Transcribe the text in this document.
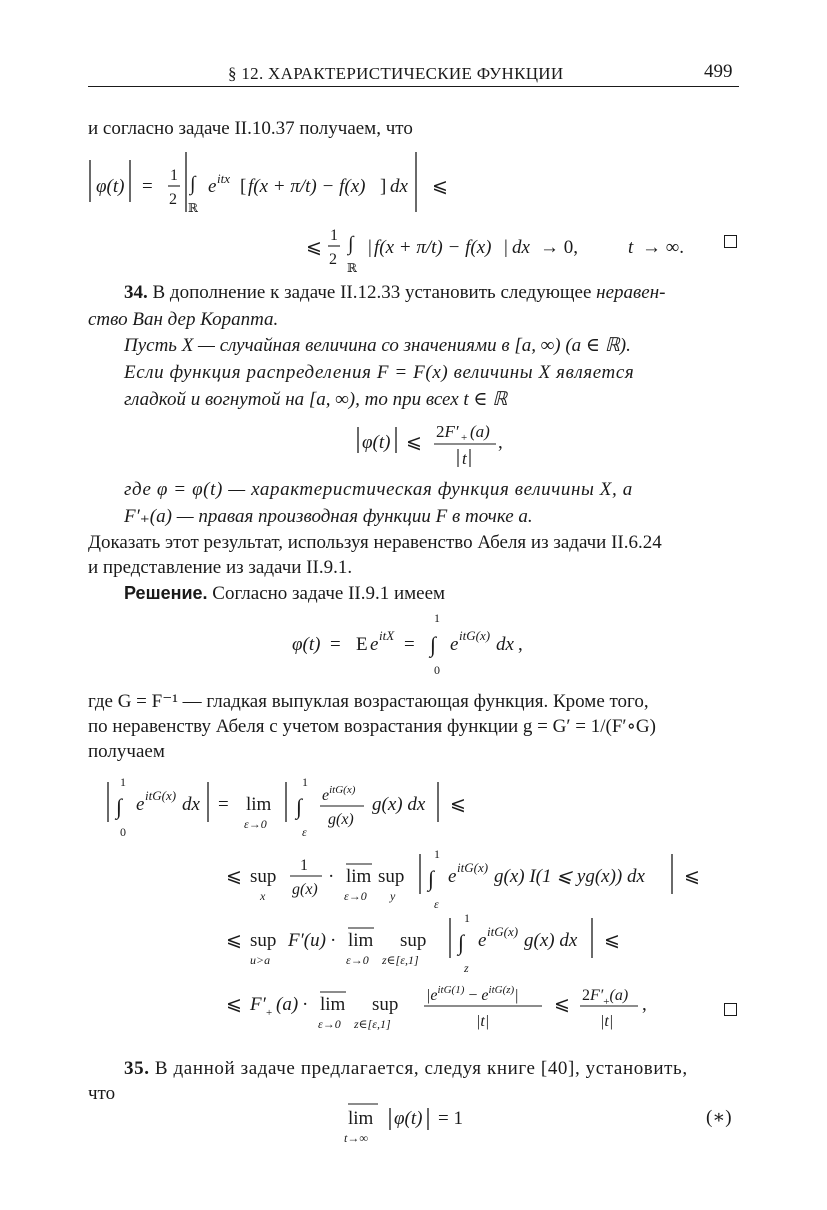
§ 12. ХАРАКТЕРИСТИЧЕСКИЕ ФУНКЦИИ	499
и согласно задаче II.10.37 получаем, что
φ(t) =
1
2
∫
ℝ
e itx [ f(x + π/t) − f(x) ] dx ⩽
⩽
1
2
∫
ℝ
| f(x + π/t) − f(x) | dx → 0,	t → ∞.
34. В дополнение к задаче II.12.33 установить следующее неравен-
ство Ван дер Корапта.
Пусть X — случайная величина со значениями в [a, ∞) (a ∈ ℝ).
Если функция распределения F = F(x) величины X является
гладкой и вогнутой на [a, ∞), то при всех t ∈ ℝ
φ(t) ⩽
2F′ + (a)
t
,
где φ = φ(t) — характеристическая функция величины X, а
F′₊(a) — правая производная функции F в точке a.
Доказать этот результат, используя неравенство Абеля из задачи II.6.24
и представление из задачи II.9.1.
Решение. Согласно задаче II.9.1 имеем
φ(t) = E e itX =
1
∫
0
e itG(x) dx ,
где G = F⁻¹ — гладкая выпуклая возрастающая функция. Кроме того,
по неравенству Абеля с учетом возрастания функции g = G′ = 1/(F′∘G)
получаем
1
∫
0
e itG(x) dx = lim
ε→0
1
∫
ε
$e^{itG(x)}$
g(x)
g(x) dx ⩽
⩽ sup
x
1
g(x)
· lim
ε→0
sup
y
1
∫
ε
e itG(x) g(x) I(1 ⩽ yg(x)) dx ⩽
⩽ sup
u>a
F′(u) · lim
ε→0
sup
z∈[ε,1]
1
∫
z
e itG(x) g(x) dx ⩽
⩽ F′ + (a) · lim
ε→0
sup
z∈[ε,1]
$|e^{itG(1)} - e^{itG(z)}|$
|t|
⩽ $2F'_+(a)$
|t|
,
35. В данной задаче предлагается, следуя книге [40], установить,
что
lim
t→∞
φ(t) = 1	(∗)
